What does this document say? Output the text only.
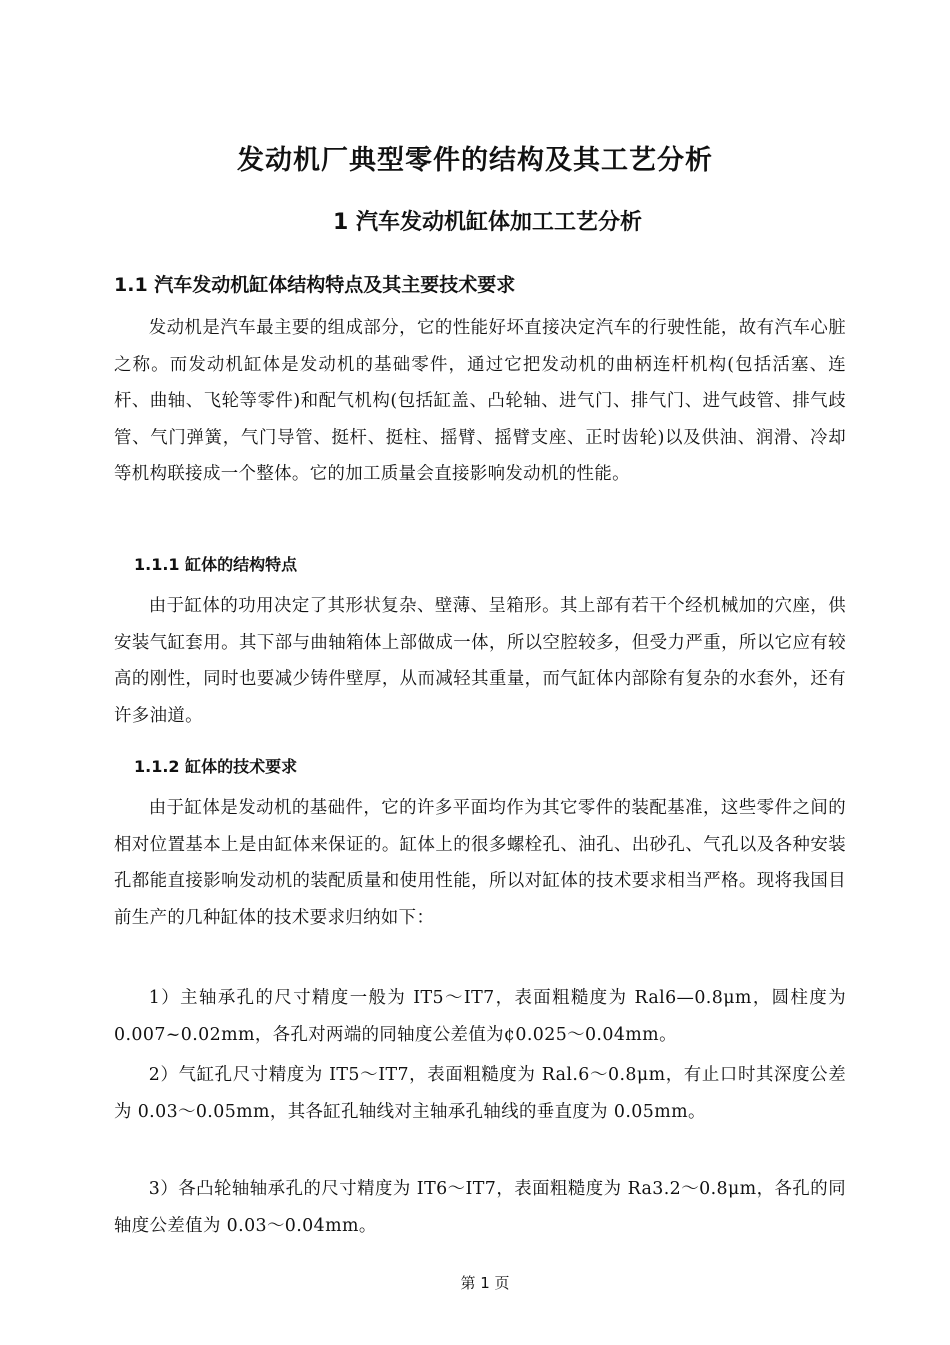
发动机厂典型零件的结构及其工艺分析
1 汽车发动机缸体加工工艺分析
1.1 汽车发动机缸体结构特点及其主要技术要求

发动机是汽车最主要的组成部分，它的性能好坏直接决定汽车的行驶性能，故有汽车心脏之称。而发动机缸体是发动机的基础零件，通过它把发动机的曲柄连杆机构(包括活塞、连杆、曲轴、飞轮等零件)和配气机构(包括缸盖、凸轮轴、进气门、排气门、进气歧管、排气歧管、气门弹簧，气门导管、挺杆、挺柱、摇臂、摇臂支座、正时齿轮)以及供油、润滑、冷却等机构联接成一个整体。它的加工质量会直接影响发动机的性能。

1.1.1 缸体的结构特点

由于缸体的功用决定了其形状复杂、壁薄、呈箱形。其上部有若干个经机械加的穴座，供安装气缸套用。其下部与曲轴箱体上部做成一体，所以空腔较多，但受力严重，所以它应有较高的刚性，同时也要减少铸件壁厚，从而减轻其重量，而气缸体内部除有复杂的水套外，还有许多油道。

1.1.2 缸体的技术要求

由于缸体是发动机的基础件，它的许多平面均作为其它零件的装配基准，这些零件之间的相对位置基本上是由缸体来保证的。缸体上的很多螺栓孔、油孔、出砂孔、气孔以及各种安装孔都能直接影响发动机的装配质量和使用性能，所以对缸体的技术要求相当严格。现将我国目前生产的几种缸体的技术要求归纳如下：

1）主轴承孔的尺寸精度一般为 IT5～IT7，表面粗糙度为 Ral6—0.8μm，圆柱度为 0.007~0.02mm，各孔对两端的同轴度公差值为¢0.025～0.04mm。

2）气缸孔尺寸精度为 IT5～IT7，表面粗糙度为 Ral.6～0.8μm，有止口时其深度公差为 0.03～0.05mm，其各缸孔轴线对主轴承孔轴线的垂直度为 0.05mm。

3）各凸轮轴轴承孔的尺寸精度为 IT6～IT7，表面粗糙度为 Ra3.2～0.8μm，各孔的同轴度公差值为 0.03～0.04mm。

第 1 页
